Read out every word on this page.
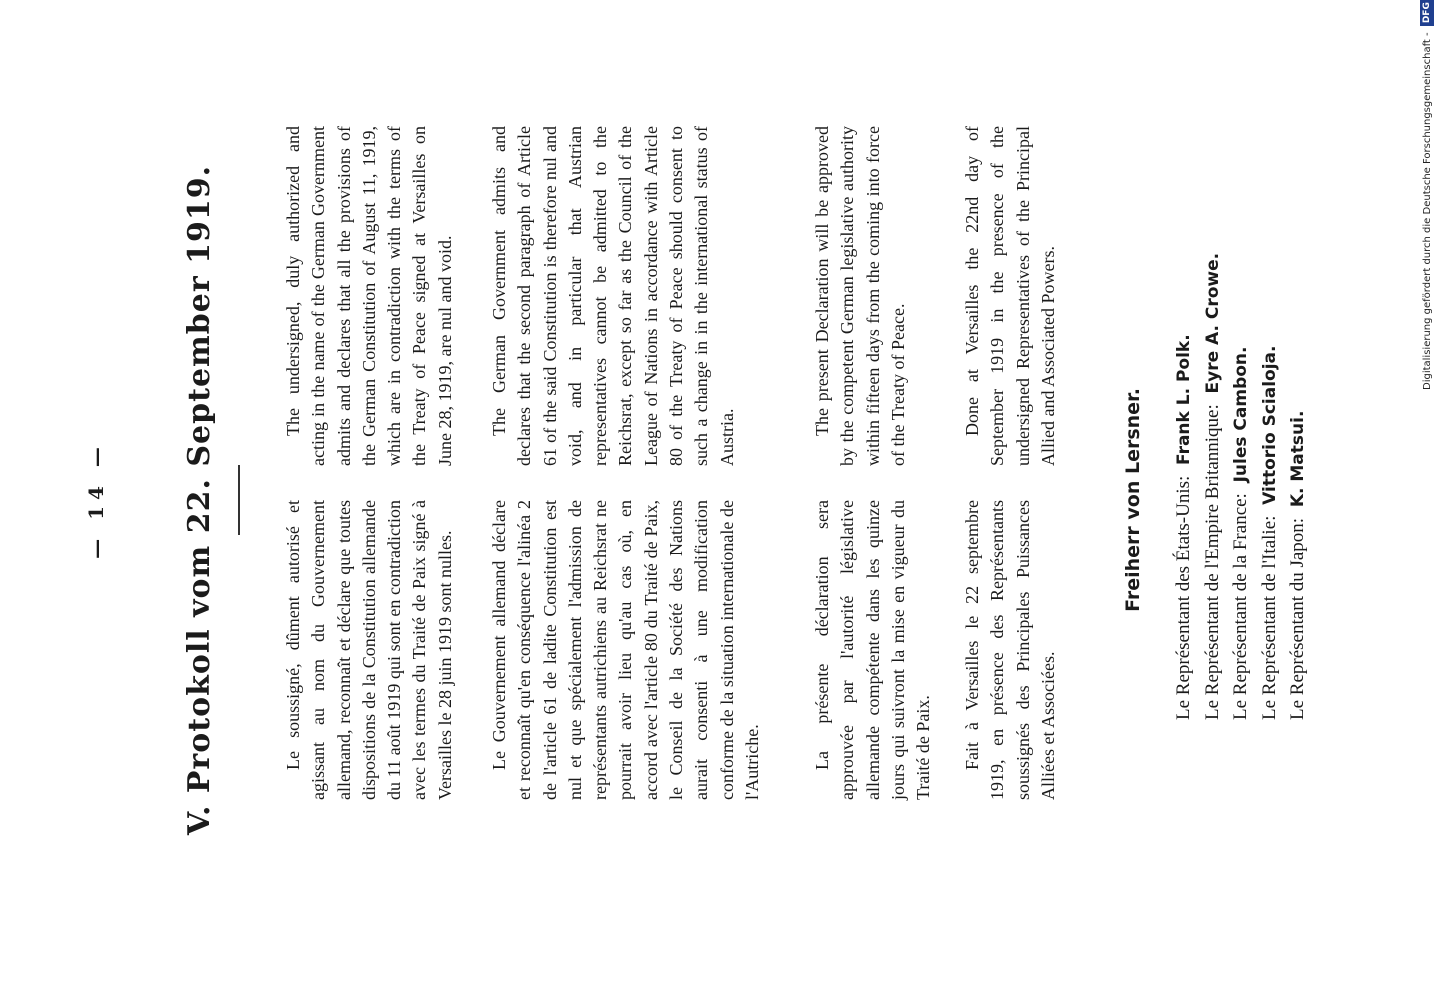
— 14 — V. Protokoll vom 22. September 1919.	Le soussigné, dûment autorisé et agissant au nom du Gouvernement allemand, reconnaît et déclare que toutes dispositions de la Constitution allemande du 11 août 1919 qui sont en contradiction avec les termes du Traité de Paix signé à Versailles le 28 juin 1919 sont nulles.

The undersigned, duly authorized and acting in the name of the German Government admits and declares that all the provisions of the German Constitution of August 11, 1919, which are in contradiction with the terms of the Treaty of Peace signed at Versailles on June 28, 1919, are nul and void.

Le Gouvernement allemand déclare et reconnaît qu'en conséquence l'alinéa 2 de l'article 61 de ladite Constitution est nul et que spécialement l'admission de représentants autrichiens au Reichsrat ne pourrait avoir lieu qu'au cas où, en accord avec l'article 80 du Traité de Paix, le Conseil de la Société des Nations aurait consenti à une modification conforme de la situation internationale de l'Autriche.

The German Government admits and declares that the second paragraph of Article 61 of the said Constitution is therefore nul and void, and in particular that Austrian representatives cannot be admitted to the Reichsrat, except so far as the Council of the League of Nations in accordance with Article 80 of the Treaty of Peace should consent to such a change in in the international status of Austria.

La présente déclaration sera approuvée par l'autorité législative allemande compétente dans les quinze jours qui suivront la mise en vigueur du Traité de Paix.

The present Declaration will be approved by the competent German legislative authority within fifteen days from the coming into force of the Treaty of Peace.

Fait à Versailles le 22 septembre 1919, en présence des Représentants soussignés des Principales Puissances Alliées et Associées.

Done at Versailles the 22nd day of September 1919 in the presence of the undersigned Representatives of the Principal Allied and Associated Powers.

Freiherr von Lersner. Le Représentant des États-Unis: Frank L. Polk.
Le Représentant de l'Empire Britannique: Eyre A. Crowe.
Le Représentant de la France: Jules Cambon.
Le Représentant de l'Italie: Vittorio Scialoja.
Le Représentant du Japon: K. Matsui.
Digitalisierung gefördert durch die Deutsche Forschungsgemeinschaft - DFG
